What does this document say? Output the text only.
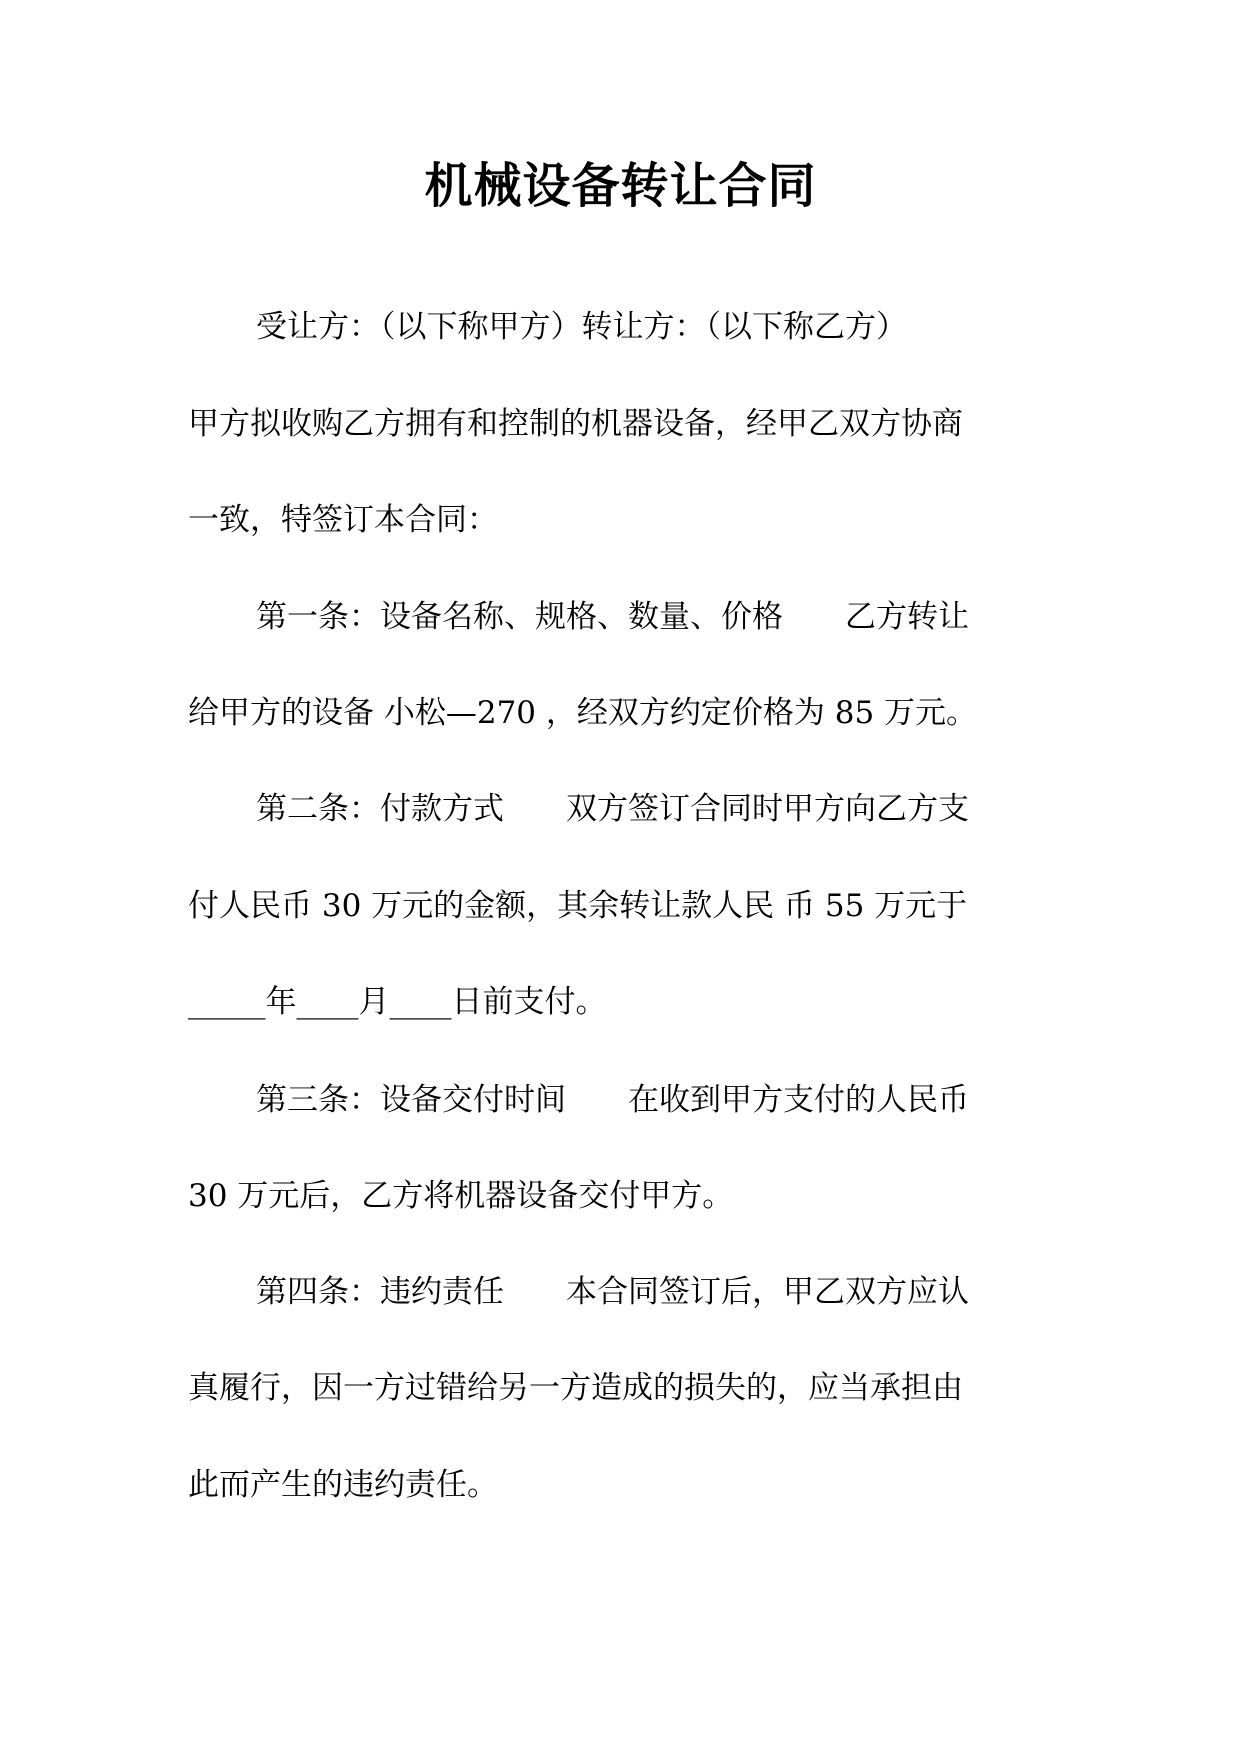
机械设备转让合同
受让方：（以下称甲方）转让方：（以下称乙方）
甲方拟收购乙方拥有和控制的机器设备，经甲乙双方协商
一致，特签订本合同：
第一条：设备名称、规格、数量、价格　　乙方转让
给甲方的设备 小松—270 ，经双方约定价格为 85 万元。
第二条：付款方式　　双方签订合同时甲方向乙方支
付人民币 30 万元的金额，其余转让款人民 币 55 万元于
_____年____月____日前支付。
第三条：设备交付时间　　在收到甲方支付的人民币
30 万元后，乙方将机器设备交付甲方。
第四条：违约责任　　本合同签订后，甲乙双方应认
真履行，因一方过错给另一方造成的损失的，应当承担由
此而产生的违约责任。
